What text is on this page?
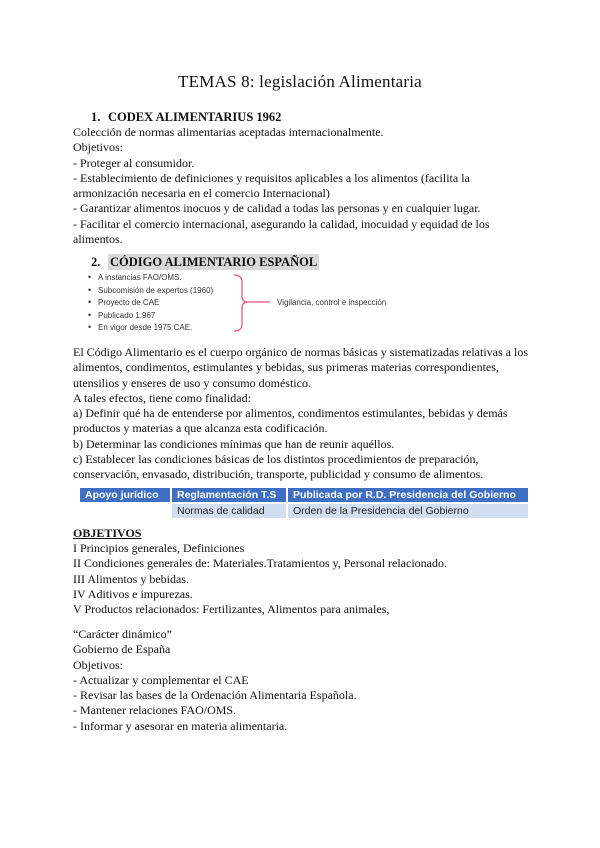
TEMAS 8: legislación Alimentaria
1. CODEX ALIMENTARIUS 1962

Colección de normas alimentarias aceptadas internacionalmente.

Objetivos:

- Proteger al consumidor.

- Establecimiento de definiciones y requisitos aplicables a los alimentos (facilita la armonización necesaria en el comercio Internacional)

- Garantizar alimentos inocuos y de calidad a todas las personas y en cualquier lugar.

- Facilitar el comercio internacional, asegurando la calidad, inocuidad y equidad de los alimentos.

2. CÓDIGO ALIMENTARIO ESPAÑOL
• A instancias FAO/OMS.
• Subcomisión de expertos (1960)
• Proyecto de CAE
• Publicado 1.967
• En vigor desde 1975 CAE.
Vigilancia, control e inspección

El Código Alimentario es el cuerpo orgánico de normas básicas y sistematizadas relativas a los alimentos, condimentos, estimulantes y bebidas, sus primeras materias correspondientes, utensilios y enseres de uso y consumo doméstico.

A tales efectos, tiene como finalidad:

a) Definir qué ha de entenderse por alimentos, condimentos estimulantes, bebidas y demás productos y materias a que alcanza esta codificación.

b) Determinar las condiciones mínimas que han de reunir aquéllos.

c) Establecer las condiciones básicas de los distintos procedimientos de preparación, conservación, envasado, distribución, transporte, publicidad y consumo de alimentos.

Apoyo jurídico	Reglamentación T.S	Publicada por R.D. Presidencia del Gobierno
	Normas de calidad	Orden de la Presidencia del Gobierno
OBJETIVOS

I Principios generales, Definiciones

II Condiciones generales de: Materiales.Tratamientos y, Personal relacionado.

III Alimentos y bebidas.

IV Aditivos e impurezas.

V Productos relacionados: Fertilizantes, Alimentos para animales,

“Carácter dinámico”

Gobierno de España

Objetivos:

- Actualizar y complementar el CAE

- Revisar las bases de la Ordenación Alimentaria Española.

- Mantener relaciones FAO/OMS.

- Informar y asesorar en materia alimentaria.
